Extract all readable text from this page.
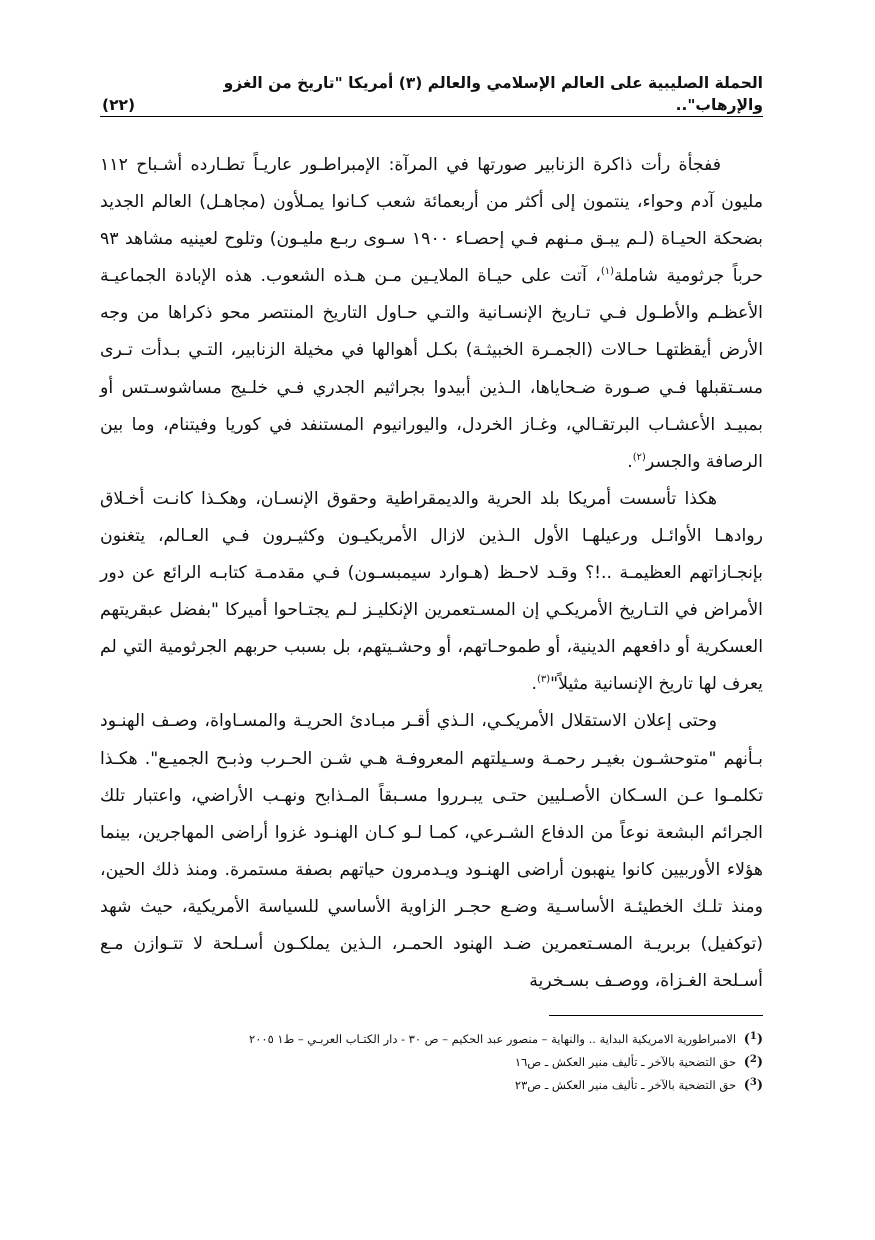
الحملة الصليبية على العالم الإسلامي والعالم (٣) أمريكا "تاريخ من الغزو والإرهاب"..
(٢٢)

ففجأة رأت ذاكرة الزنابير صورتها في المرآة: الإمبراطـور عاريـاً تطـارده أشـباح ١١٢ مليون آدم وحواء، ينتمون إلى أكثر من أربعمائة شعب كـانوا يمـلأون (مجاهـل) العالم الجديد بضحكة الحيـاة (لـم يبـق مـنهم فـي إحصـاء ١٩٠٠ سـوى ربـع مليـون) وتلوح لعينيه مشاهد ٩٣ حرباً جرثومية شاملة$^{(١)}$، آتت على حيـاة الملايـين مـن هـذه الشعوب. هذه الإبادة الجماعيـة الأعظـم والأطـول فـي تـاريخ الإنسـانية والتـي حـاول التاريخ المنتصر محو ذكراها من وجه الأرض أيقظتهـا حـالات (الجمـرة الخبيثـة) بكـل أهوالها في مخيلة الزنابير، التـي بـدأت تـرى مسـتقبلها فـي صـورة ضـحاياها، الـذين أبيدوا بجراثيم الجدري فـي خلـيج مساشوسـتس أو بمبيـد الأعشـاب البرتقـالي، وغـاز الخردل، واليورانيوم المستنفد في كوريا وفيتنام، وما بين الرصافة والجسر$^{(٢)}$.

هكذا تأسست أمريكا بلد الحرية والديمقراطية وحقوق الإنسـان، وهكـذا كانـت أخـلاق روادهـا الأوائـل ورعيلهـا الأول الـذين لازال الأمريكيـون وكثيـرون فـي العـالم، يتغنون بإنجـازاتهم العظيمـة ..!؟ وقـد لاحـظ (هـوارد سيمبسـون) فـي مقدمـة كتابـه الرائع عن دور الأمراض في التـاريخ الأمريكـي إن المسـتعمرين الإنكليـز لـم يجتـاحوا أميركا "بفضل عبقريتهم العسكرية أو دافعهم الدينية، أو طموحـاتهم، أو وحشـيتهم، بل بسبب حربهم الجرثومية التي لم يعرف لها تاريخ الإنسانية مثيلاً"$^{(٣)}$.

وحتى إعلان الاستقلال الأمريكـي، الـذي أقـر مبـادئ الحريـة والمسـاواة، وصـف الهنـود بـأنهم "متوحشـون بغيـر رحمـة وسـيلتهم المعروفـة هـي شـن الحـرب وذبـح الجميـع". هكـذا تكلمـوا عـن السـكان الأصـليين حتـى يبـرروا مسـبقاً المـذابح ونهـب الأراضي، واعتبار تلك الجرائم البشعة نوعاً من الدفاع الشـرعي، كمـا لـو كـان الهنـود غزوا أراضى المهاجرين، بينما هؤلاء الأوربيين كانوا ينهبون أراضى الهنـود ويـدمرون حياتهم بصفة مستمرة. ومنذ ذلك الحين، ومنذ تلـك الخطيئـة الأساسـية وضـع حجـر الزاوية الأساسي للسياسة الأمريكية، حيث شهد (توكفيل) بربريـة المسـتعمرين ضـد الهنود الحمـر، الـذين يملكـون أسـلحة لا تتـوازن مـع أسـلحة الغـزاة، ووصـف بسـخرية

($^1$) الامبراطورية الامريكية البداية .. والنهاية – منصور عبد الحكيم – ص ٣٠ - دار الكتـاب العربـي – ط١ ٢٠٠٥

($^2$) حق التضحية بالآخر ـ تأليف منير العكش ـ ص١٦

($^3$) حق التضحية بالآخر ـ تأليف منير العكش ـ ص٢٣
